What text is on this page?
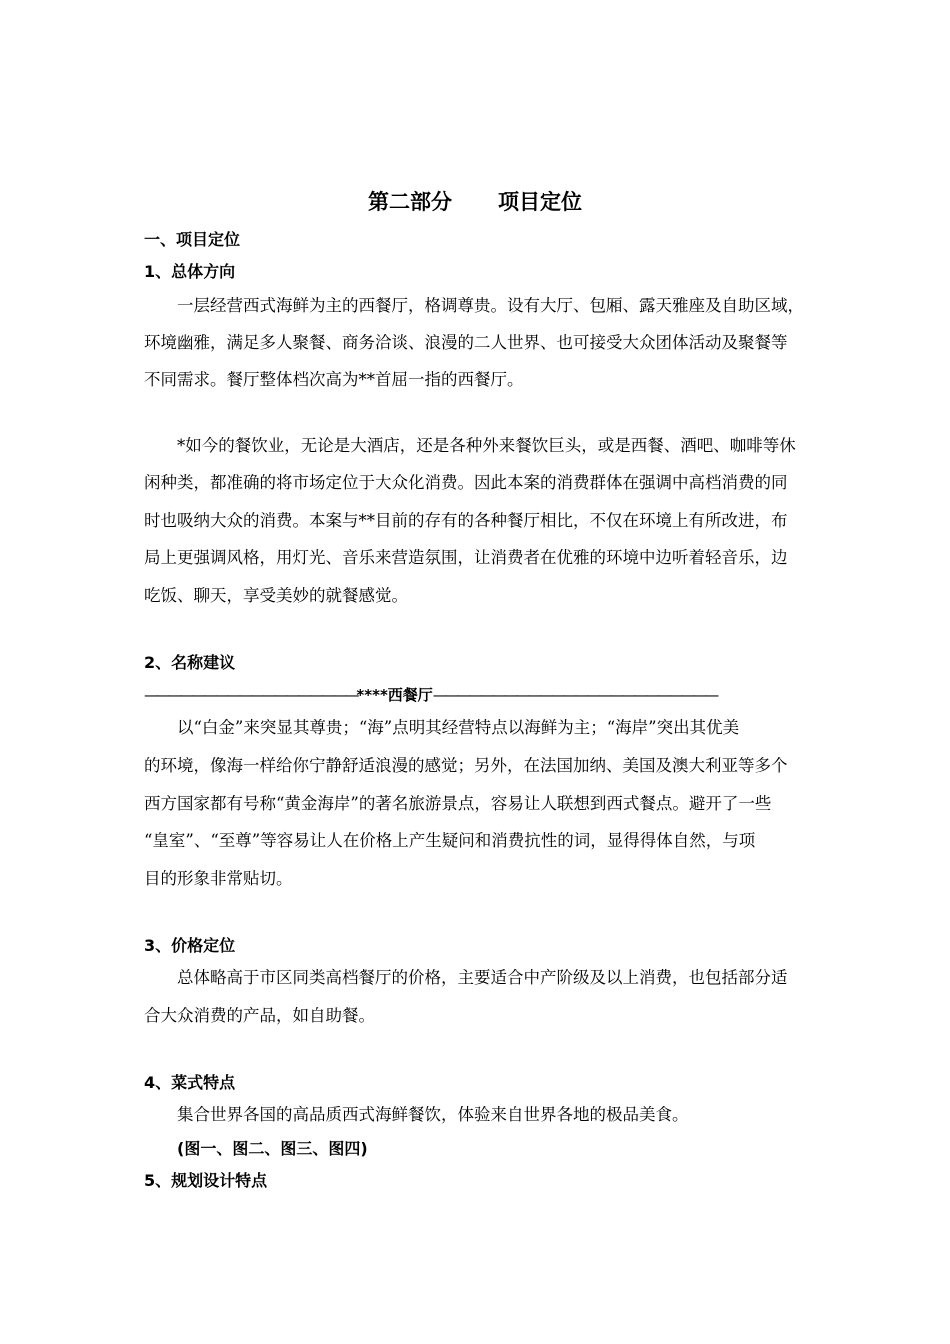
第二部分 项目定位
一、项目定位
1、总体方向
一层经营西式海鲜为主的西餐厅，格调尊贵。设有大厅、包厢、露天雅座及自助区域，
环境幽雅，满足多人聚餐、商务洽谈、浪漫的二人世界、也可接受大众团体活动及聚餐等
不同需求。餐厅整体档次高为**首屈一指的西餐厅。
*如今的餐饮业，无论是大酒店，还是各种外来餐饮巨头，或是西餐、酒吧、咖啡等休
闲种类，都准确的将市场定位于大众化消费。因此本案的消费群体在强调中高档消费的同
时也吸纳大众的消费。本案与**目前的存有的各种餐厅相比，不仅在环境上有所改进，布
局上更强调风格，用灯光、音乐来营造氛围，让消费者在优雅的环境中边听着轻音乐，边
吃饭、聊天，享受美妙的就餐感觉。
2、名称建议
——————————————————****西餐厅————————————————————————
以“白金”来突显其尊贵；“海”点明其经营特点以海鲜为主；“海岸”突出其优美
的环境，像海一样给你宁静舒适浪漫的感觉；另外，在法国加纳、美国及澳大利亚等多个
西方国家都有号称“黄金海岸”的著名旅游景点，容易让人联想到西式餐点。避开了一些
“皇室”、“至尊”等容易让人在价格上产生疑问和消费抗性的词，显得得体自然，与项
目的形象非常贴切。
3、价格定位
总体略高于市区同类高档餐厅的价格，主要适合中产阶级及以上消费，也包括部分适
合大众消费的产品，如自助餐。
4、菜式特点
集合世界各国的高品质西式海鲜餐饮，体验来自世界各地的极品美食。
(图一、图二、图三、图四)
5、规划设计特点
